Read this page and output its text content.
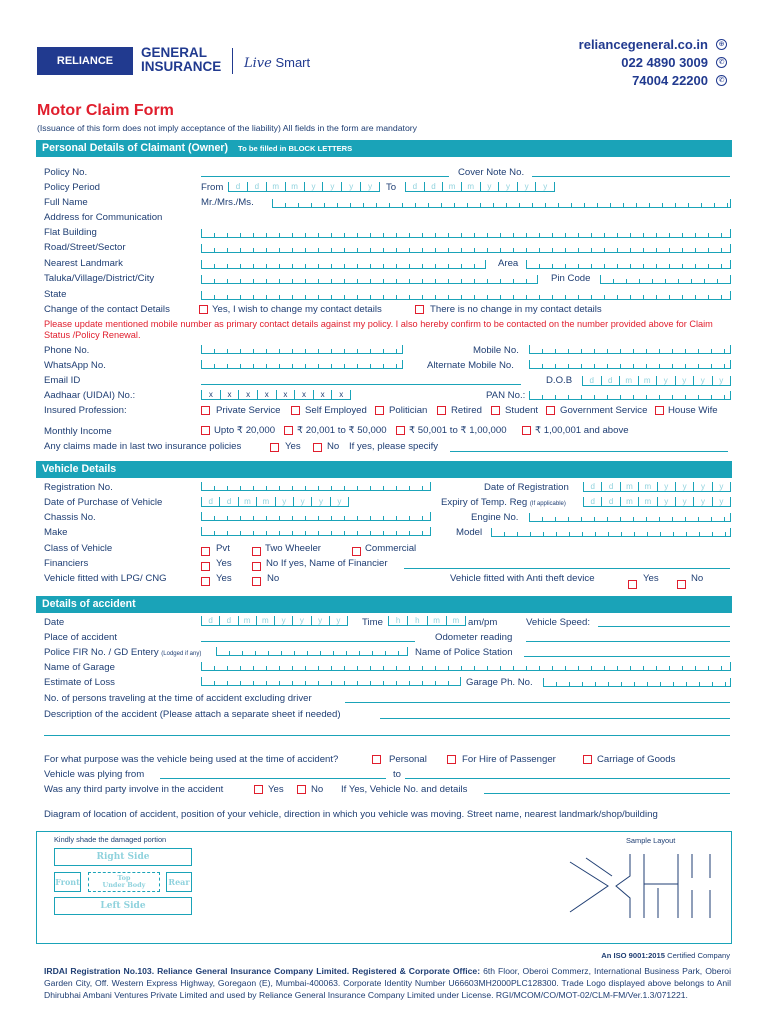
RELIANCE
GENERAL
INSURANCE Live Smart
reliancegeneral.co.in	⊕
022 4890 3009	✆
74004 22200	✆
Motor Claim Form
(Issuance of this form does not imply acceptance of the liability) All fields in the form are mandatory
Personal Details of Claimant (Owner) To be filled in BLOCK LETTERS
Policy No.	Cover Note No.
Policy Period	From	d	d	m	m	y	y	y	y	To	d	d	m	m	y	y	y	y
Full Name	Mr./Mrs./Ms.
Address for Communication
Flat Building
Road/Street/Sector
Nearest Landmark	Area
Taluka/Village/District/City	Pin Code
State
Change of the contact Details	Yes, I wish to change my contact details	There is no change in my contact details
Please update mentioned mobile number as primary contact details against my policy. I also hereby confirm to be contacted on the number provided above for Claim Status /Policy Renewal.
Phone No.	Mobile No.
WhatsApp No.	Alternate Mobile No.
Email ID	D.O.B	d	d	m	m	y	y	y	y
Aadhaar (UIDAI) No.:	x	x	x	x	x	x	x	x	PAN No.:
Insured Profession:	Private Service	Self Employed Politician Retired Student Government Service House Wife
Monthly Income	Upto ₹ 20,000 ₹ 20,001 to ₹ 50,000 ₹ 50,001 to ₹ 1,00,000	₹ 1,00,001 and above
Any claims made in last two insurance policies	Yes	No If yes, please specify
Vehicle Details
Registration No.	Date of Registration	d	d	m	m	y	y	y	y
Date of Purchase of Vehicle	d	d	m	m	y	y	y	y	Expiry of Temp. Reg (If applicable)	d	d	m	m	y	y	y	y
Chassis No.	Engine No.
Make	Model
Class of Vehicle	Pvt	Two Wheeler	Commercial
Financiers	Yes	No If yes, Name of Financier
Vehicle fitted with LPG/ CNG	Yes	No	Vehicle fitted with Anti theft device	Yes	No
Details of accident
Date	d	d	m	m	y	y	y	y	Time	h	h	m	m am/pm	Vehicle Speed:
Place of accident	Odometer reading
Police FIR No. / GD Entery (Lodged if any)	Name of Police Station
Name of Garage
Estimate of Loss	Garage Ph. No.
No. of persons traveling at the time of accident excluding driver
Description of the accident (Please attach a separate sheet if needed)
For what purpose was the vehicle being used at the time of accident?	Personal	For Hire of Passenger	Carriage of Goods
Vehicle was plying from	to
Was any third party involve in the accident	Yes	No If Yes, Vehicle No. and details
Diagram of location of accident, position of your vehicle, direction in which you vehicle was moving. Street name, nearest landmark/shop/building
Kindly shade the damaged portion	Sample Layout
Right Side
Front	Top
Under Body	Rear
Left Side
An ISO 9001:2015 Certified Company
IRDAI Registration No.103. Reliance General Insurance Company Limited. Registered & Corporate Office: 6th Floor, Oberoi Commerz, International Business Park, Oberoi Garden City, Off. Western Express Highway, Goregaon (E), Mumbai-400063. Corporate Identity Number U66603MH2000PLC128300. Trade Logo displayed above belongs to Anil Dhirubhai Ambani Ventures Private Limited and used by Reliance General Insurance Company Limited under License. RGI/MCOM/CO/MOT-02/CLM-FM/Ver.1.3/071221.
